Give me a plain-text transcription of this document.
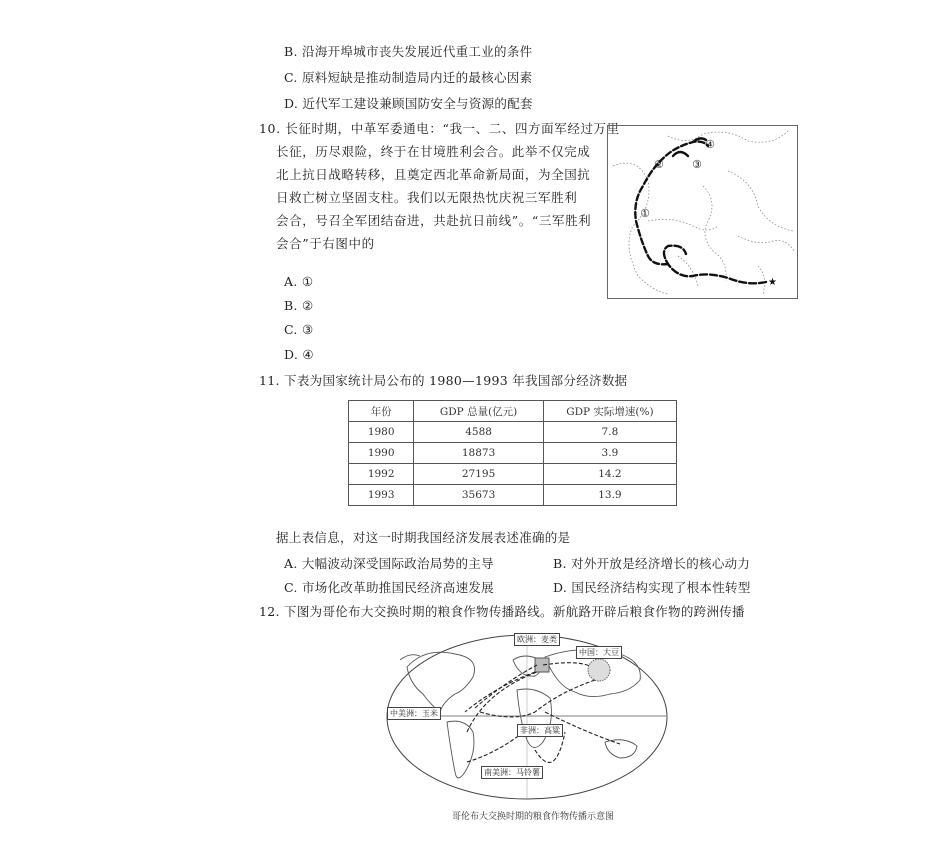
B. 沿海开埠城市丧失发展近代重工业的条件
C. 原料短缺是推动制造局内迁的最核心因素
D. 近代军工建设兼顾国防安全与资源的配套
10. 长征时期，中革军委通电：“我一、二、四方面军经过万里
长征，历尽艰险，终于在甘境胜利会合。此举不仅完成
北上抗日战略转移，且奠定西北革命新局面，为全国抗
日救亡树立坚固支柱。我们以无限热忱庆祝三军胜利
会合，号召全军团结奋进，共赴抗日前线”。“三军胜利
会合”于右图中的
A. ①
B. ②
C. ③
D. ④
②	③
④
①
★
11. 下表为国家统计局公布的 1980—1993 年我国部分经济数据
年份	GDP 总量(亿元)	GDP 实际增速(%)
1980	4588	7.8
1990	18873	3.9
1992	27195	14.2
1993	35673	13.9
据上表信息，对这一时期我国经济发展表述准确的是
A. 大幅波动深受国际政治局势的主导	B. 对外开放是经济增长的核心动力
C. 市场化改革助推国民经济高速发展	D. 国民经济结构实现了根本性转型
12. 下图为哥伦布大交换时期的粮食作物传播路线。新航路开辟后粮食作物的跨洲传播
欧洲：麦类
中国：大豆
中美洲：玉米
非洲：高粱
南美洲：马铃薯
哥伦布大交换时期的粮食作物传播示意图
